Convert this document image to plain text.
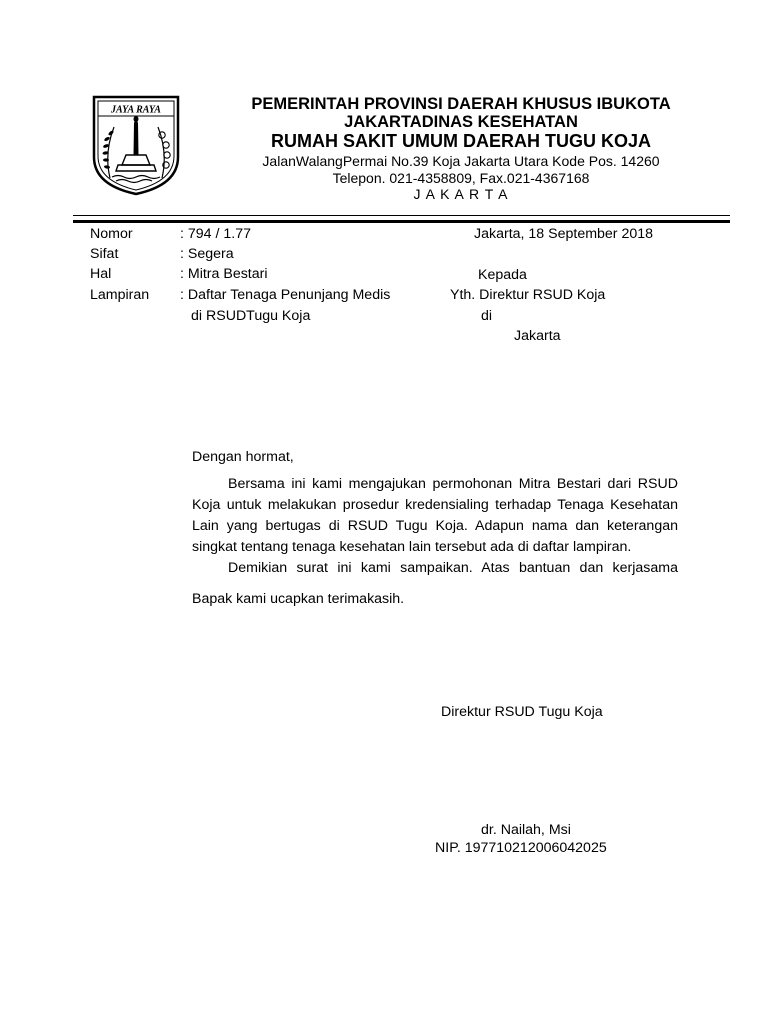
JAYA RAYA	PEMERINTAH PROVINSI DAERAH KHUSUS IBUKOTA
JAKARTADINAS KESEHATAN
RUMAH SAKIT UMUM DAERAH TUGU KOJA
JalanWalangPermai No.39 Koja Jakarta Utara Kode Pos. 14260
Telepon. 021-4358809, Fax.021-4367168
J A K A R T A
Nomor	: 794 / 1.77
Sifat	: Segera
Hal	: Mitra Bestari
Lampiran : Daftar Tenaga Penunjang Medis
di RSUDTugu Koja
Jakarta, 18 September 2018
Kepada
Yth. Direktur RSUD Koja
di
Jakarta
Dengan hormat,

Bersama ini kami mengajukan permohonan Mitra Bestari dari RSUD Koja untuk melakukan prosedur kredensialing terhadap Tenaga Kesehatan Lain yang bertugas di RSUD Tugu Koja. Adapun nama dan keterangan singkat tentang tenaga kesehatan lain tersebut ada di daftar lampiran.

Demikian surat ini kami sampaikan. Atas bantuan dan kerjasama Bapak kami ucapkan terimakasih.

Direktur RSUD Tugu Koja
dr. Nailah, Msi
NIP. 197710212006042025
